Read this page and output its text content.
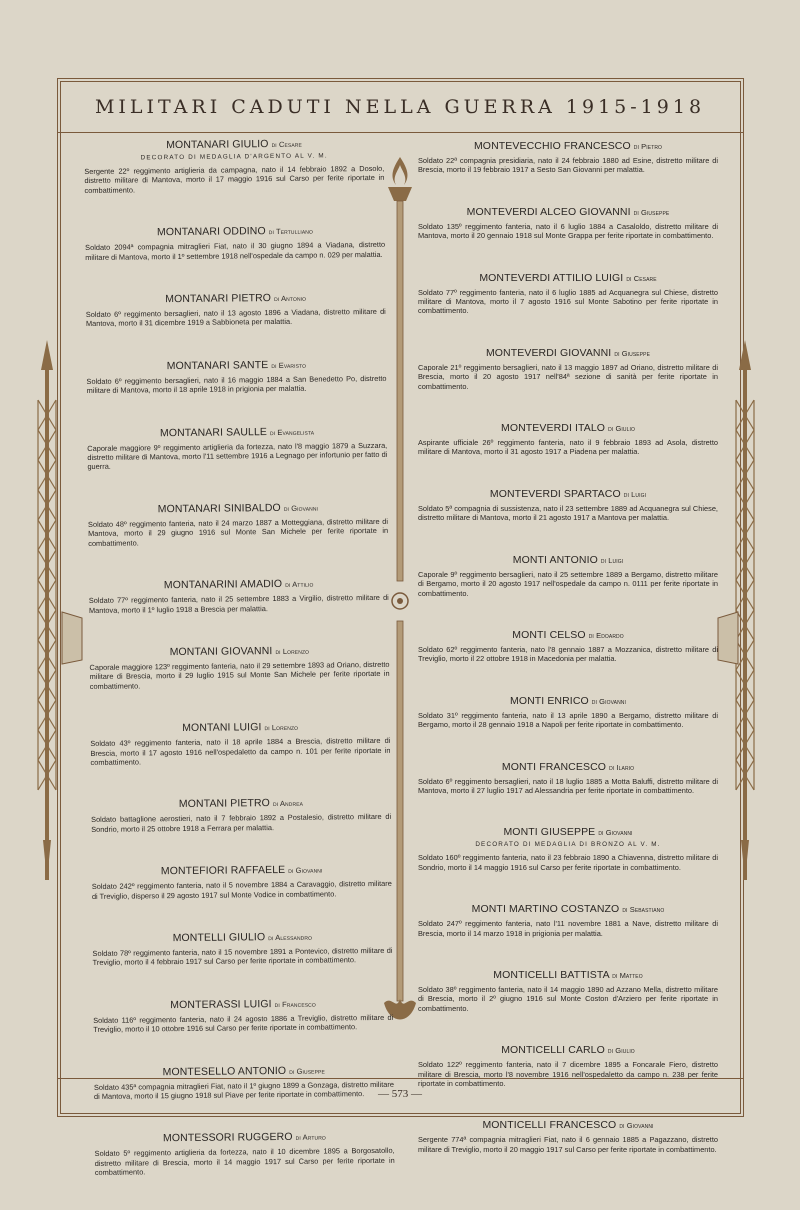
MILITARI CADUTI NELLA GUERRA 1915-1918
MONTANARI GIULIO di Cesare
DECORATO DI MEDAGLIA D'ARGENTO AL V. M.

Sergente 22º reggimento artiglieria da campagna, nato il 14 febbraio 1892 a Dosolo, distretto militare di Mantova, morto il 17 maggio 1916 sul Carso per ferite riportate in combattimento.

MONTANARI ODDINO di Tertulliano

Soldato 2094ª compagnia mitraglieri Fiat, nato il 30 giugno 1894 a Viadana, distretto militare di Mantova, morto il 1º settembre 1918 nell'ospedale da campo n. 029 per malattia.

MONTANARI PIETRO di Antonio

Soldato 6º reggimento bersaglieri, nato il 13 agosto 1896 a Viadana, distretto militare di Mantova, morto il 31 dicembre 1919 a Sabbioneta per malattia.

MONTANARI SANTE di Evaristo

Soldato 6º reggimento bersaglieri, nato il 16 maggio 1884 a San Benedetto Po, distretto militare di Mantova, morto il 18 aprile 1918 in prigionia per malattia.

MONTANARI SAULLE di Evangelista

Caporale maggiore 9º reggimento artiglieria da fortezza, nato l'8 maggio 1879 a Suzzara, distretto militare di Mantova, morto l'11 settembre 1916 a Legnago per infortunio per fatto di guerra.

MONTANARI SINIBALDO di Giovanni

Soldato 48º reggimento fanteria, nato il 24 marzo 1887 a Motteggiana, distretto militare di Mantova, morto il 29 giugno 1916 sul Monte San Michele per ferite riportate in combattimento.

MONTANARINI AMADIO di Attilio

Soldato 77º reggimento fanteria, nato il 25 settembre 1883 a Virgilio, distretto militare di Mantova, morto il 1º luglio 1918 a Brescia per malattia.

MONTANI GIOVANNI di Lorenzo

Caporale maggiore 123º reggimento fanteria, nato il 29 settembre 1893 ad Oriano, distretto militare di Brescia, morto il 29 luglio 1915 sul Monte San Michele per ferite riportate in combattimento.

MONTANI LUIGI di Lorenzo

Soldato 43º reggimento fanteria, nato il 18 aprile 1884 a Brescia, distretto militare di Brescia, morto il 17 agosto 1916 nell'ospedaletto da campo n. 101 per ferite riportate in combattimento.

MONTANI PIETRO di Andrea

Soldato battaglione aerostieri, nato il 7 febbraio 1892 a Postalesio, distretto militare di Sondrio, morto il 25 ottobre 1918 a Ferrara per malattia.

MONTEFIORI RAFFAELE di Giovanni

Soldato 242º reggimento fanteria, nato il 5 novembre 1884 a Caravaggio, distretto militare di Treviglio, disperso il 29 agosto 1917 sul Monte Vodice in combattimento.

MONTELLI GIULIO di Alessandro

Soldato 78º reggimento fanteria, nato il 15 novembre 1891 a Pontevico, distretto militare di Treviglio, morto il 4 febbraio 1917 sul Carso per ferite riportate in combattimento.

MONTERASSI LUIGI di Francesco

Soldato 116º reggimento fanteria, nato il 24 agosto 1886 a Treviglio, distretto militare di Treviglio, morto il 10 ottobre 1916 sul Carso per ferite riportate in combattimento.

MONTESELLO ANTONIO di Giuseppe

Soldato 435ª compagnia mitraglieri Fiat, nato il 1º giugno 1899 a Gonzaga, distretto militare di Mantova, morto il 15 giugno 1918 sul Piave per ferite riportate in combattimento.

MONTESSORI RUGGERO di Arturo

Soldato 5º reggimento artiglieria da fortezza, nato il 10 dicembre 1895 a Borgosatollo, distretto militare di Brescia, morto il 14 maggio 1917 sul Carso per ferite riportate in combattimento.

MONTEVECCHIO FRANCESCO di Pietro

Soldato 22ª compagnia presidiaria, nato il 24 febbraio 1880 ad Esine, distretto militare di Brescia, morto il 19 febbraio 1917 a Sesto San Giovanni per malattia.

MONTEVERDI ALCEO GIOVANNI di Giuseppe

Soldato 135º reggimento fanteria, nato il 6 luglio 1884 a Casaloldo, distretto militare di Mantova, morto il 20 gennaio 1918 sul Monte Grappa per ferite riportate in combattimento.

MONTEVERDI ATTILIO LUIGI di Cesare

Soldato 77º reggimento fanteria, nato il 6 luglio 1885 ad Acquanegra sul Chiese, distretto militare di Mantova, morto il 7 agosto 1916 sul Monte Sabotino per ferite riportate in combattimento.

MONTEVERDI GIOVANNI di Giuseppe

Caporale 21º reggimento bersaglieri, nato il 13 maggio 1897 ad Oriano, distretto militare di Brescia, morto il 20 agosto 1917 nell'84ª sezione di sanità per ferite riportate in combattimento.

MONTEVERDI ITALO di Giulio

Aspirante ufficiale 26º reggimento fanteria, nato il 9 febbraio 1893 ad Asola, distretto militare di Mantova, morto il 31 agosto 1917 a Piadena per malattia.

MONTEVERDI SPARTACO di Luigi

Soldato 5ª compagnia di sussistenza, nato il 23 settembre 1889 ad Acquanegra sul Chiese, distretto militare di Mantova, morto il 21 agosto 1917 a Mantova per malattia.

MONTI ANTONIO di Luigi

Caporale 9º reggimento bersaglieri, nato il 25 settembre 1889 a Bergamo, distretto militare di Bergamo, morto il 20 agosto 1917 nell'ospedale da campo n. 0111 per ferite riportate in combattimento.

MONTI CELSO di Edoardo

Soldato 62º reggimento fanteria, nato l'8 gennaio 1887 a Mozzanica, distretto militare di Treviglio, morto il 22 ottobre 1918 in Macedonia per malattia.

MONTI ENRICO di Giovanni

Soldato 31º reggimento fanteria, nato il 13 aprile 1890 a Bergamo, distretto militare di Bergamo, morto il 28 gennaio 1918 a Napoli per ferite riportate in combattimento.

MONTI FRANCESCO di Ilario

Soldato 6º reggimento bersaglieri, nato il 18 luglio 1885 a Motta Baluffi, distretto militare di Mantova, morto il 27 luglio 1917 ad Alessandria per ferite riportate in combattimento.

MONTI GIUSEPPE di Giovanni
DECORATO DI MEDAGLIA DI BRONZO AL V. M.

Soldato 160º reggimento fanteria, nato il 23 febbraio 1890 a Chiavenna, distretto militare di Sondrio, morto il 14 maggio 1916 sul Carso per ferite riportate in combattimento.

MONTI MARTINO COSTANZO di Sebastiano

Soldato 247º reggimento fanteria, nato l'11 novembre 1881 a Nave, distretto militare di Brescia, morto il 14 marzo 1918 in prigionia per malattia.

MONTICELLI BATTISTA di Matteo

Soldato 38º reggimento fanteria, nato il 14 maggio 1890 ad Azzano Mella, distretto militare di Brescia, morto il 2º giugno 1916 sul Monte Coston d'Arziero per ferite riportate in combattimento.

MONTICELLI CARLO di Giulio

Soldato 122º reggimento fanteria, nato il 7 dicembre 1895 a Foncarale Fiero, distretto militare di Brescia, morto l'8 novembre 1916 nell'ospedaletto da campo n. 238 per ferite riportate in combattimento.

MONTICELLI FRANCESCO di Giovanni

Sergente 774ª compagnia mitraglieri Fiat, nato il 6 gennaio 1885 a Pagazzano, distretto militare di Treviglio, morto il 20 maggio 1917 sul Carso per ferite riportate in combattimento.

— 573 —
